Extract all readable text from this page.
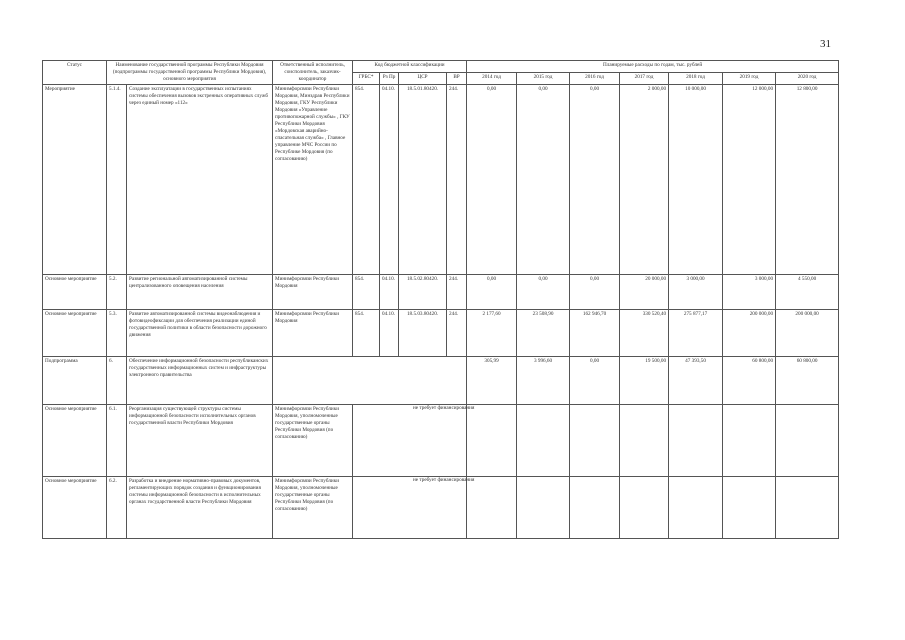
31
Статус	Наименование государственной программы Республики Мордовия (подпрограммы государственной программы Республики Мордовия), основного мероприятия		Ответственный исполнитель, соисполнитель, заказчик-координатор	Код бюджетной классификации				Планируемые расходы по годам, тыс. рублей						
				ГРБС*	Рз Пр	ЦСР	ВР	2014 год	2015 год	2016 год	2017 год	2018 год	2019 год	2020 год
Мероприятие	5.1.4.	Создание эксплуатации в государственных испытаниях системы обеспечения вызовов экстренных оперативных служб через единый номер «112»	Минимфорсвязи Республики Мордовия, Минздрав Республики Мордовия, ГКУ Республики Мордовия «Управление противопожарной службы» , ГКУ Республики Мордовия «Мордовская аварийно-спасательная служба» , Главное управление МЧС России по Республике Мордовия (по согласованию)	854.	04.10.	18.5.01.80420.	244.	0,00	0,00	0,00	2 000,00	10 000,00	12 000,00	12 800,00
Основное мероприятие	5.2.	Развитие региональной автоматизированной системы централизованного оповещения населения	Минимфорсвязи Республики Мордовия	854.	04.10.	18.5.02.80420.	244.	0,00	0,00	0,00	20 000,00	3 000,00	3 000,00	4 550,00
Основное мероприятие	5.3.	Развитие автоматизированной системы видеонаблюдения и фотовидеофиксации для обеспечения реализации единой государственной политики в области безопасности дорожного движения	Минимфорсвязи Республики Мордовия	854.	04.10.	18.5.03.80420.	244.	2 177,60	23 508,90	162 946,70	330 520,40	275 877,17	200 000,00	200 000,00
Подпрограмма	6.	Обеспечение информационной безопасности республиканских государственных информационных систем и инфраструктуры электронного правительства						305,99	3 996,60	0,00	19 500,00	47 393,50	60 800,00	60 800,00
Основное мероприятие	6.1.	Реорганизация существующей структуры системы информационной безопасности исполнительных органов государственной власти Республики Мордовия	Минимфорсвязи Республики Мордовия, уполномоченные государственные органы Республики Мордовия (по согласованию)	не требует финансирования										

Основное мероприятие	6.2.	Разработка и внедрение нормативно-правовых документов, регламентирующих порядок создания и функционирования системы информационной безопасности в исполнительных органах государственной власти Республики Мордовия	Минимфорсвязи Республики Мордовия, уполномоченные государственные органы Республики Мордовия (по согласованию)	не требует финансирования										
